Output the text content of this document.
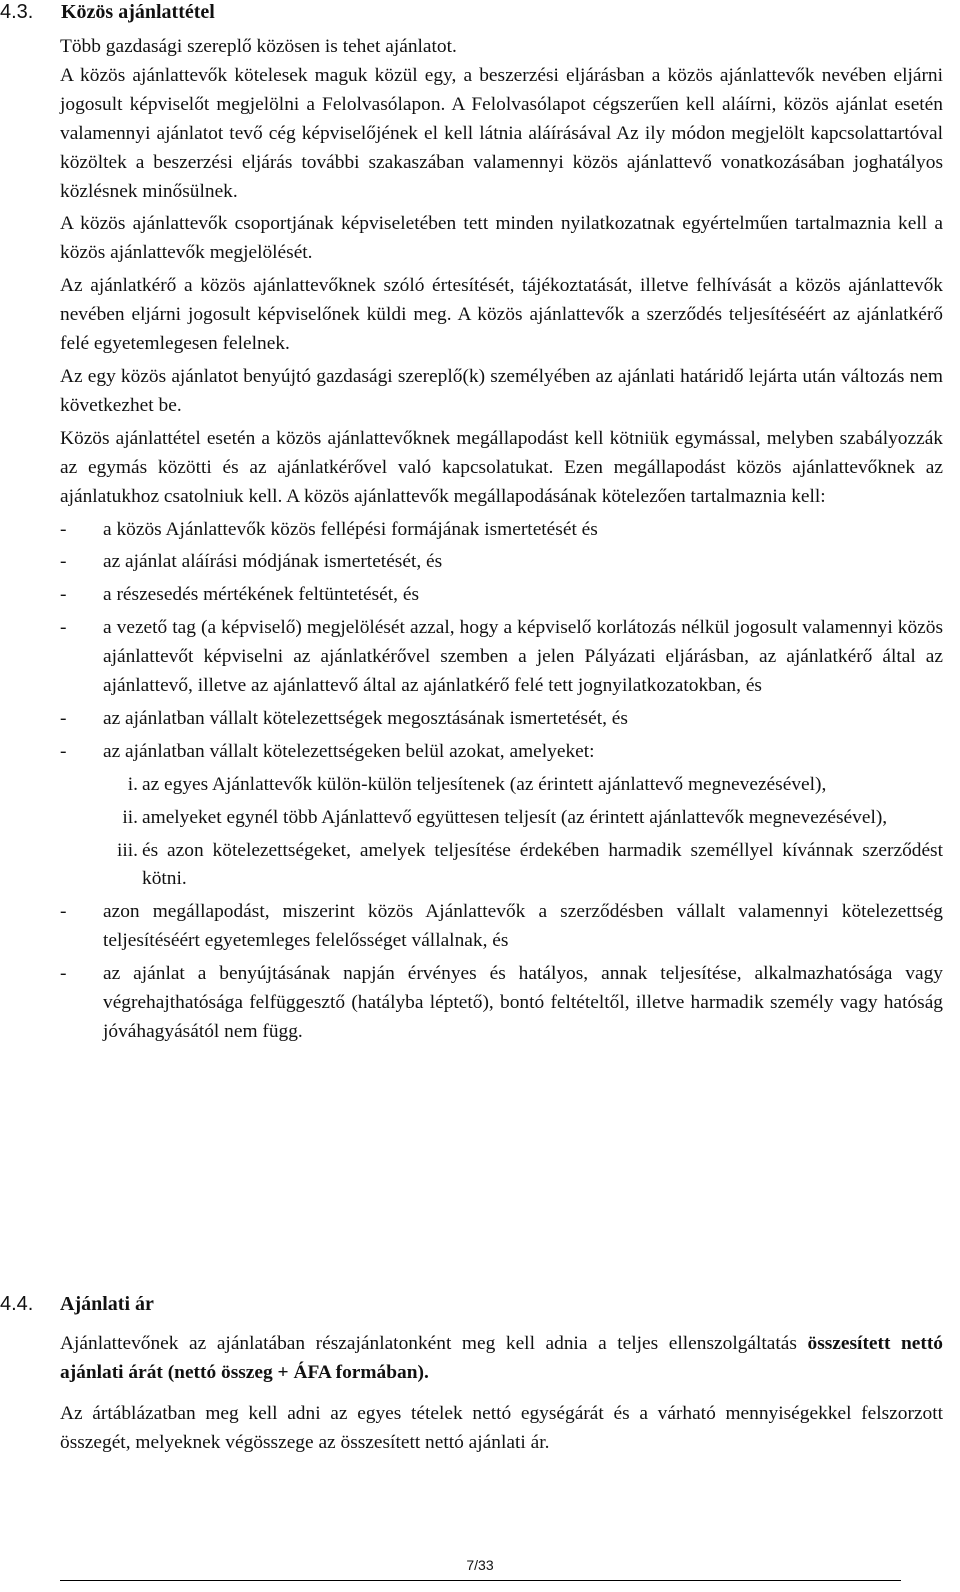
4.3. Közös ajánlattétel

Több gazdasági szereplő közösen is tehet ajánlatot.

A közös ajánlattevők kötelesek maguk közül egy, a beszerzési eljárásban a közös ajánlattevők nevében eljárni jogosult képviselőt megjelölni a Felolvasólapon. A Felolvasólapot cégszerűen kell aláírni, közös ajánlat esetén valamennyi ajánlatot tevő cég képviselőjének el kell látnia aláírásával Az ily módon megjelölt kapcsolattartóval közöltek a beszerzési eljárás további szakaszában valamennyi közös ajánlattevő vonatkozásában joghatályos közlésnek minősülnek.

A közös ajánlattevők csoportjának képviseletében tett minden nyilatkozatnak egyértelműen tartalmaznia kell a közös ajánlattevők megjelölését.

Az ajánlatkérő a közös ajánlattevőknek szóló értesítését, tájékoztatását, illetve felhívását a közös ajánlattevők nevében eljárni jogosult képviselőnek küldi meg. A közös ajánlattevők a szerződés teljesítéséért az ajánlatkérő felé egyetemlegesen felelnek.

Az egy közös ajánlatot benyújtó gazdasági szereplő(k) személyében az ajánlati határidő lejárta után változás nem következhet be.

Közös ajánlattétel esetén a közös ajánlattevőknek megállapodást kell kötniük egymással, melyben szabályozzák az egymás közötti és az ajánlatkérővel való kapcsolatukat. Ezen megállapodást közös ajánlattevőknek az ajánlatukhoz csatolniuk kell. A közös ajánlattevők megállapodásának kötelezően tartalmaznia kell:

-	a közös Ajánlattevők közös fellépési formájának ismertetését és
-	az ajánlat aláírási módjának ismertetését, és
-	a részesedés mértékének feltüntetését, és
-	a vezető tag (a képviselő) megjelölését azzal, hogy a képviselő korlátozás nélkül jogosult valamennyi közös ajánlattevőt képviselni az ajánlatkérővel szemben a jelen Pályázati eljárásban, az ajánlatkérő által az ajánlattevő, illetve az ajánlattevő által az ajánlatkérő felé tett jognyilatkozatokban, és
-	az ajánlatban vállalt kötelezettségek megosztásának ismertetését, és
-	az ajánlatban vállalt kötelezettségeken belül azokat, amelyeket:
i. az egyes Ajánlattevők külön-külön teljesítenek (az érintett ajánlattevő megnevezésével),
ii. amelyeket egynél több Ajánlattevő együttesen teljesít (az érintett ajánlattevők megnevezésével),
iii. és azon kötelezettségeket, amelyek teljesítése érdekében harmadik személlyel kívánnak szerződést kötni.
-	azon megállapodást, miszerint közös Ajánlattevők a szerződésben vállalt valamennyi kötelezettség teljesítéséért egyetemleges felelősséget vállalnak, és
-	az ajánlat a benyújtásának napján érvényes és hatályos, annak teljesítése, alkalmazhatósága vagy végrehajthatósága felfüggesztő (hatályba léptető), bontó feltételtől, illetve harmadik személy vagy hatóság jóváhagyásától nem függ.
4.4. Ajánlati ár

Ajánlattevőnek az ajánlatában részajánlatonként meg kell adnia a teljes ellenszolgáltatás összesített nettó ajánlati árát (nettó összeg + ÁFA formában).

Az ártáblázatban meg kell adni az egyes tételek nettó egységárát és a várható mennyiségekkel felszorzott összegét, melyeknek végösszege az összesített nettó ajánlati ár.

7/33
